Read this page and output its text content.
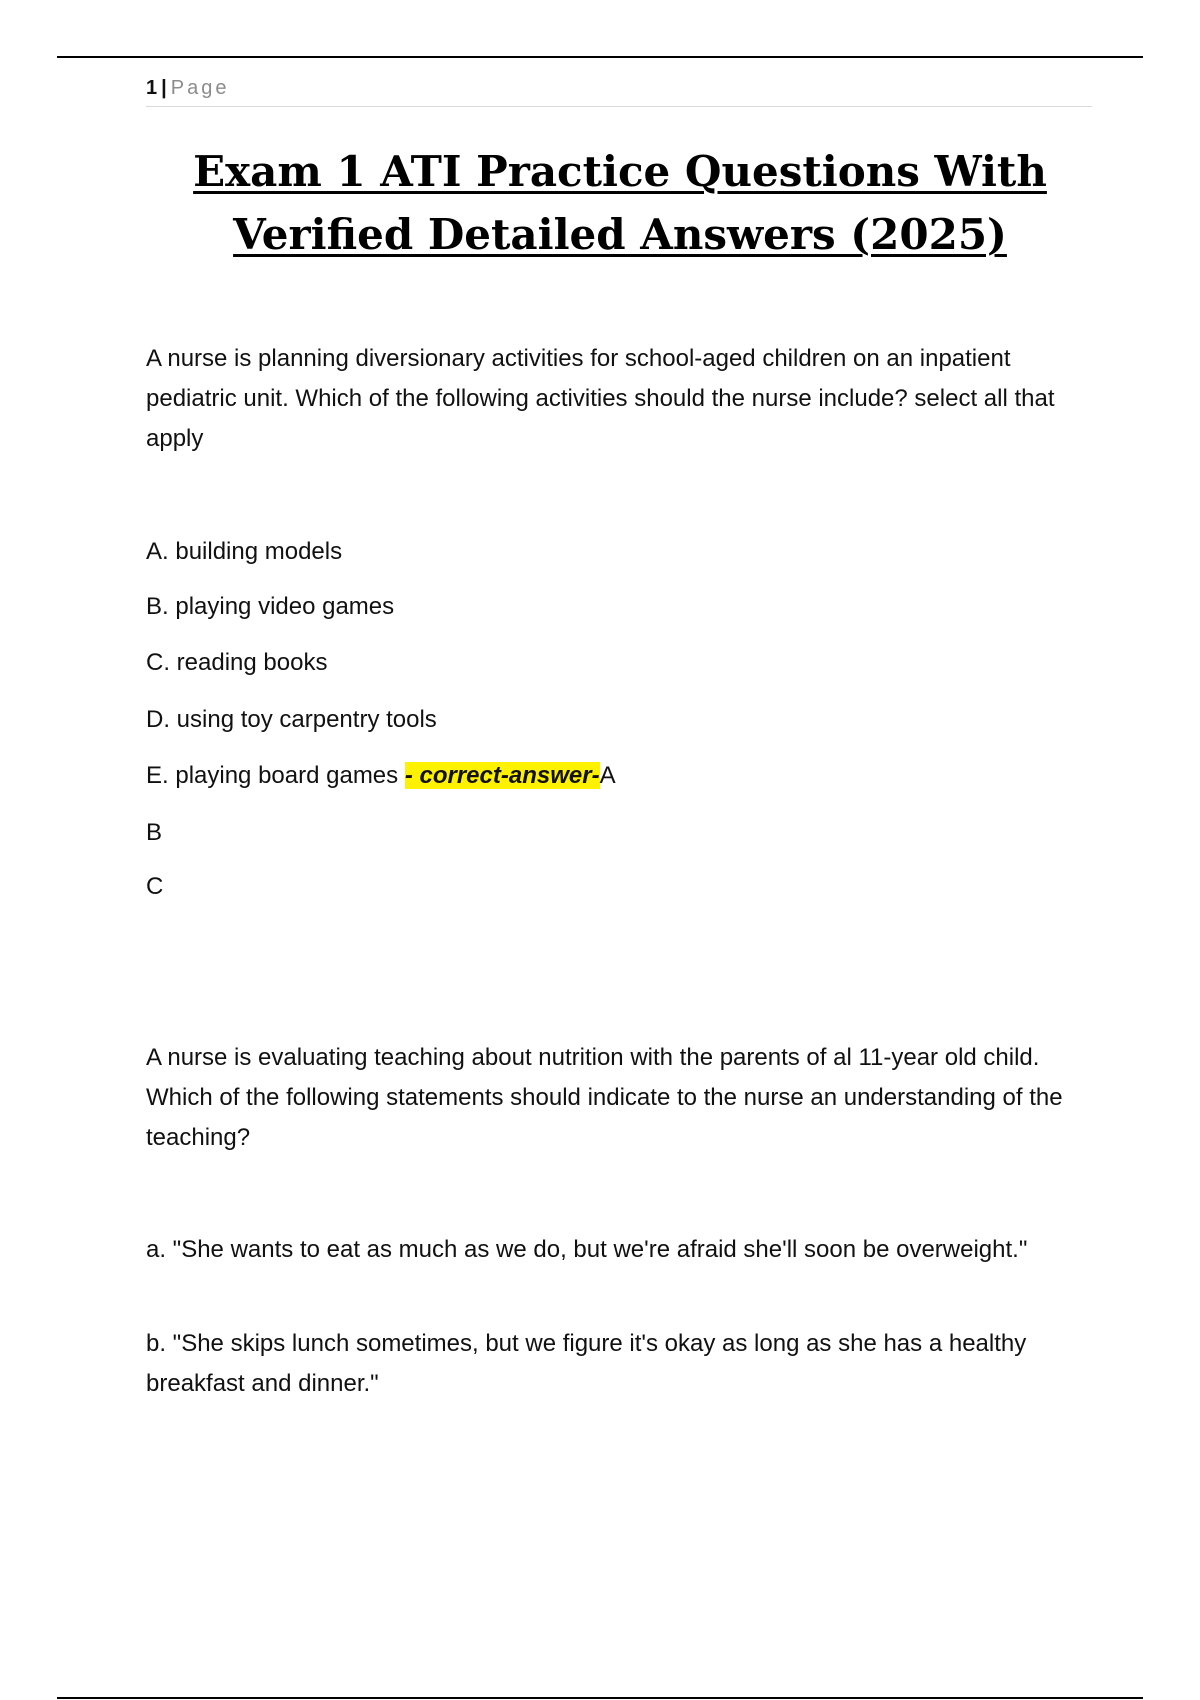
1 | Page
Exam 1 ATI Practice Questions With Verified Detailed Answers (2025)

A nurse is planning diversionary activities for school-aged children on an inpatient pediatric unit. Which of the following activities should the nurse include? select all that apply

A. building models

B. playing video games

C. reading books

D. using toy carpentry tools

E. playing board games - correct-answer-A

B

C

A nurse is evaluating teaching about nutrition with the parents of al 11-year old child. Which of the following statements should indicate to the nurse an understanding of the teaching?

a. "She wants to eat as much as we do, but we're afraid she'll soon be overweight."

b. "She skips lunch sometimes, but we figure it's okay as long as she has a healthy breakfast and dinner."
